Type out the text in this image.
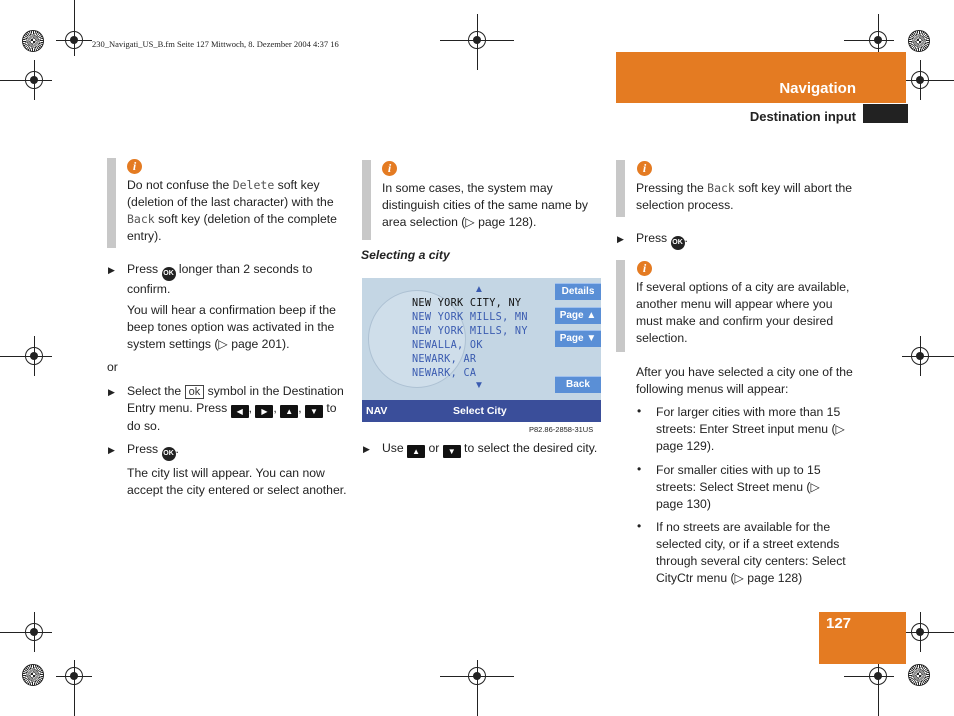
230_Navigati_US_B.fm Seite 127 Mittwoch, 8. Dezember 2004 4:37 16
Navigation
Destination input
i
Do not confuse the Delete soft key (deletion of the last character) with the Back soft key (deletion of the complete entry).
▶ Press OK longer than 2 seconds to confirm.
You will hear a confirmation beep if the beep tones option was activated in the system settings (▷ page 201).
or
▶ Select the ok symbol in the Destination Entry menu. Press ◀ , ▶ , ▲ , ▼ to do so.
▶ Press OK .
The city list will appear. You can now accept the city entered or select another.
i
In some cases, the system may distinguish cities of the same name by area selection (▷ page 128).
Selecting a city
▲
NEW YORK CITY, NY
NEW YORK MILLS, MN
NEW YORK MILLS, NY
NEWALLA, OK
NEWARK, AR
NEWARK, CA
▼
Details
Page ▲
Page ▼
Back
NAV	Select City
P82.86-2858-31US
▶ Use ▲ or ▼ to select the desired city.
i
Pressing the Back soft key will abort the selection process.
▶ Press OK .
i
If several options of a city are available, another menu will appear where you must make and confirm your desired selection.
After you have selected a city one of the following menus will appear:
• For larger cities with more than 15 streets: Enter Street input menu (▷ page 129).
• For smaller cities with up to 15 streets: Select Street menu (▷ page 130)
• If no streets are available for the selected city, or if a street extends through several city centers: Select CityCtr menu (▷ page 128)
127
